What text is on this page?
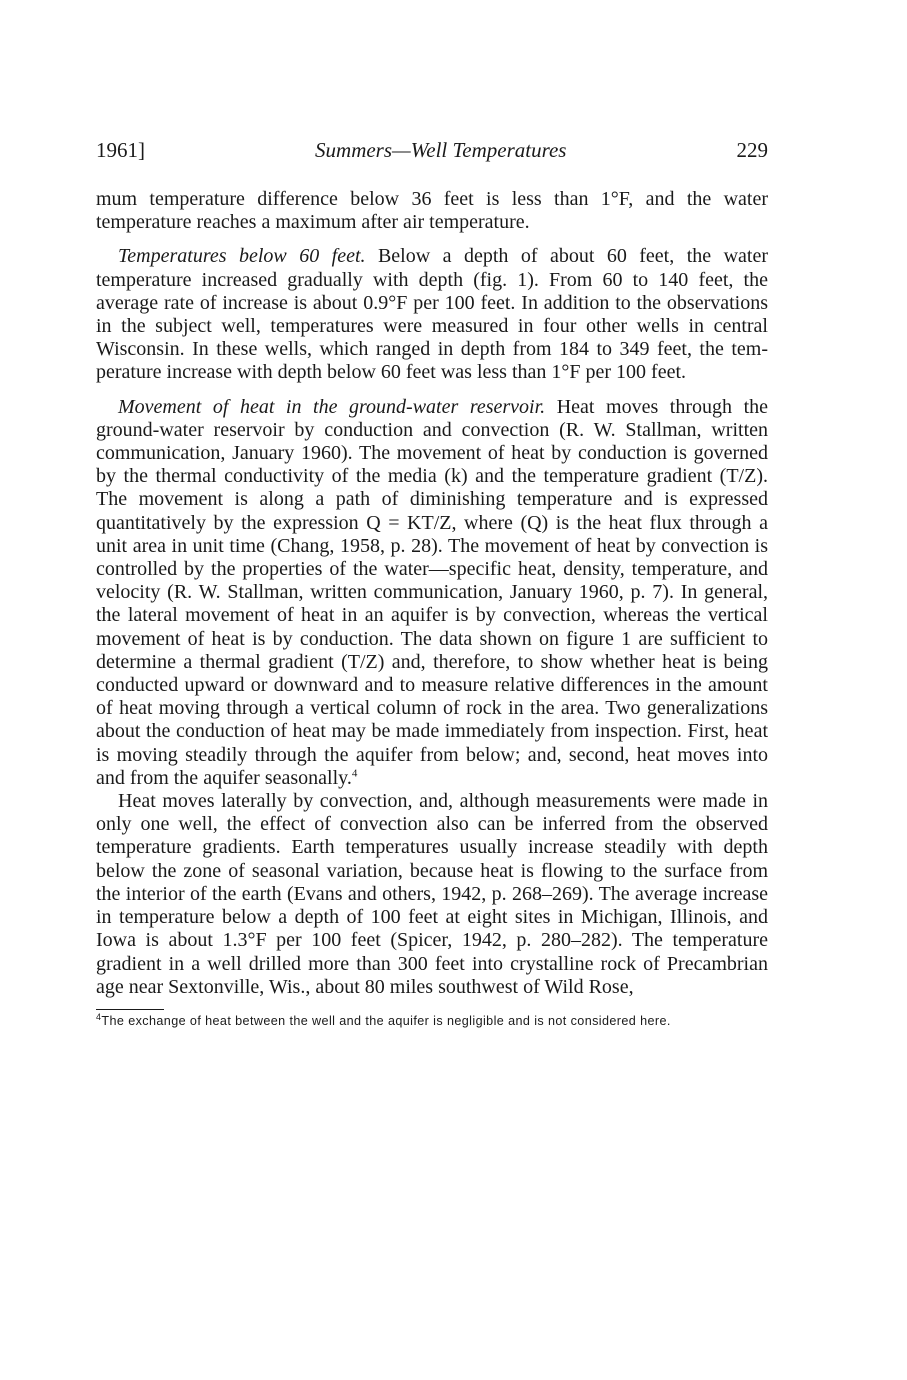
1961]	Summers—Well Temperatures	229

mum temperature difference below 36 feet is less than 1°F, and the water temperature reaches a maximum after air temperature.

Temperatures below 60 feet. Below a depth of about 60 feet, the water temperature increased gradually with depth (fig. 1). From 60 to 140 feet, the average rate of increase is about 0.9°F per 100 feet. In addition to the observations in the subject well, temperatures were measured in four other wells in central Wisconsin. In these wells, which ranged in depth from 184 to 349 feet, the temperature increase with depth below 60 feet was less than 1°F per 100 feet.

Movement of heat in the ground-water reservoir. Heat moves through the ground-water reservoir by conduction and convection (R. W. Stallman, written communication, January 1960). The movement of heat by conduction is governed by the thermal conductivity of the media (k) and the temperature gradient (T/Z). The movement is along a path of diminishing temperature and is expressed quantitatively by the expression Q = KT/Z, where (Q) is the heat flux through a unit area in unit time (Chang, 1958, p. 28). The movement of heat by convection is controlled by the properties of the water—specific heat, density, temperature, and velocity (R. W. Stallman, written communication, January 1960, p. 7). In general, the lateral movement of heat in an aquifer is by convection, whereas the vertical movement of heat is by conduction. The data shown on figure 1 are sufficient to determine a thermal gradient (T/Z) and, therefore, to show whether heat is being conducted upward or downward and to measure relative differences in the amount of heat moving through a vertical column of rock in the area. Two generalizations about the conduction of heat may be made immediately from inspection. First, heat is moving steadily through the aquifer from below; and, second, heat moves into and from the aquifer seasonally.$^4$

Heat moves laterally by convection, and, although measurements were made in only one well, the effect of convection also can be inferred from the observed temperature gradients. Earth temperatures usually increase steadily with depth below the zone of seasonal variation, because heat is flowing to the surface from the interior of the earth (Evans and others, 1942, p. 268–269). The average increase in temperature below a depth of 100 feet at eight sites in Michigan, Illinois, and Iowa is about 1.3°F per 100 feet (Spicer, 1942, p. 280–282). The temperature gradient in a well drilled more than 300 feet into crystalline rock of Precambrian age near Sextonville, Wis., about 80 miles southwest of Wild Rose,

$^4$The exchange of heat between the well and the aquifer is negligible and is not considered here.
